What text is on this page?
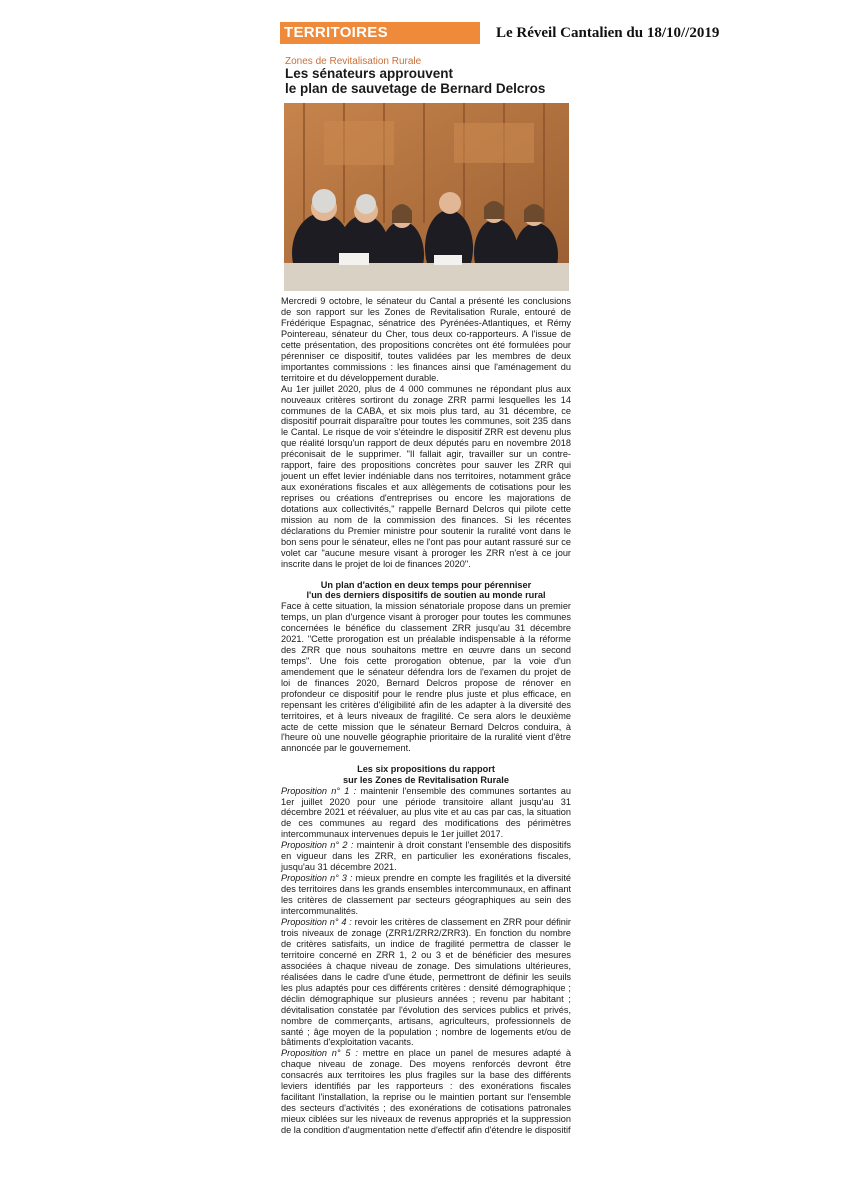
TERRITOIRES	Le Réveil Cantalien du 18/10//2019
Zones de Revitalisation Rurale
Les sénateurs approuvent
le plan de sauvetage de Bernard Delcros

Mercredi 9 octobre, le sénateur du Cantal a présenté les conclusions de son rapport sur les Zones de Revitalisation Rurale, entouré de Frédérique Espagnac, sénatrice des Pyrénées-Atlantiques, et Rémy Pointereau, sénateur du Cher, tous deux co-rapporteurs. A l'issue de cette présentation, des propositions concrètes ont été formulées pour pérenniser ce dispositif, toutes validées par les membres de deux importantes commissions : les finances ainsi que l'aménagement du territoire et du développement durable.

Au 1er juillet 2020, plus de 4 000 communes ne répondant plus aux nouveaux critères sortiront du zonage ZRR parmi lesquelles les 14 communes de la CABA, et six mois plus tard, au 31 décembre, ce dispositif pourrait disparaître pour toutes les communes, soit 235 dans le Cantal. Le risque de voir s'éteindre le dispositif ZRR est devenu plus que réalité lorsqu'un rapport de deux députés paru en novembre 2018 préconisait de le supprimer. "Il fallait agir, travailler sur un contre-rapport, faire des propositions concrètes pour sauver les ZRR qui jouent un effet levier indéniable dans nos territoires, notamment grâce aux exonérations fiscales et aux allègements de cotisations pour les reprises ou créations d'entreprises ou encore les majorations de dotations aux collectivités," rappelle Bernard Delcros qui pilote cette mission au nom de la commission des finances. Si les récentes déclarations du Premier ministre pour soutenir la ruralité vont dans le bon sens pour le sénateur, elles ne l'ont pas pour autant rassuré sur ce volet car "aucune mesure visant à proroger les ZRR n'est à ce jour inscrite dans le projet de loi de finances 2020".

Un plan d'action en deux temps pour pérenniser

l'un des derniers dispositifs de soutien au monde rural

Face à cette situation, la mission sénatoriale propose dans un premier temps, un plan d'urgence visant à proroger pour toutes les communes concernées le bénéfice du classement ZRR jusqu'au 31 décembre 2021. "Cette prorogation est un préalable indispensable à la réforme des ZRR que nous souhaitons mettre en œuvre dans un second temps". Une fois cette prorogation obtenue, par la voie d'un amendement que le sénateur défendra lors de l'examen du projet de loi de finances 2020, Bernard Delcros propose de rénover en profondeur ce dispositif pour le rendre plus juste et plus efficace, en repensant les critères d'éligibilité afin de les adapter à la diversité des territoires, et à leurs niveaux de fragilité. Ce sera alors le deuxième acte de cette mission que le sénateur Bernard Delcros conduira, à l'heure où une nouvelle géographie prioritaire de la ruralité vient d'être annoncée par le gouvernement.

Les six propositions du rapport

sur les Zones de Revitalisation Rurale

Proposition n° 1 : maintenir l'ensemble des communes sortantes au 1er juillet 2020 pour une période transitoire allant jusqu'au 31 décembre 2021 et réévaluer, au plus vite et au cas par cas, la situation de ces communes au regard des modifications des périmètres intercommunaux intervenues depuis le 1er juillet 2017.

Proposition n° 2 : maintenir à droit constant l'ensemble des dispositifs en vigueur dans les ZRR, en particulier les exonérations fiscales, jusqu'au 31 décembre 2021.

Proposition n° 3 : mieux prendre en compte les fragilités et la diversité des territoires dans les grands ensembles intercommunaux, en affinant les critères de classement par secteurs géographiques au sein des intercommunalités.

Proposition n° 4 : revoir les critères de classement en ZRR pour définir trois niveaux de zonage (ZRR1/ZRR2/ZRR3). En fonction du nombre de critères satisfaits, un indice de fragilité permettra de classer le territoire concerné en ZRR 1, 2 ou 3 et de bénéficier des mesures associées à chaque niveau de zonage. Des simulations ultérieures, réalisées dans le cadre d'une étude, permettront de définir les seuils les plus adaptés pour ces différents critères : densité démographique ; déclin démographique sur plusieurs années ; revenu par habitant ; dévitalisation constatée par l'évolution des services publics et privés, nombre de commerçants, artisans, agriculteurs, professionnels de santé ; âge moyen de la population ; nombre de logements et/ou de bâtiments d'exploitation vacants.

Proposition n° 5 : mettre en place un panel de mesures adapté à chaque niveau de zonage. Des moyens renforcés devront être consacrés aux territoires les plus fragiles sur la base des différents leviers identifiés par les rapporteurs : des exonérations fiscales facilitant l'installation, la reprise ou le maintien portant sur l'ensemble des secteurs d'activités ; des exonérations de cotisations patronales mieux ciblées sur les niveaux de revenus appropriés et la suppression de la condition d'augmentation nette d'effectif afin d'étendre le dispositif
